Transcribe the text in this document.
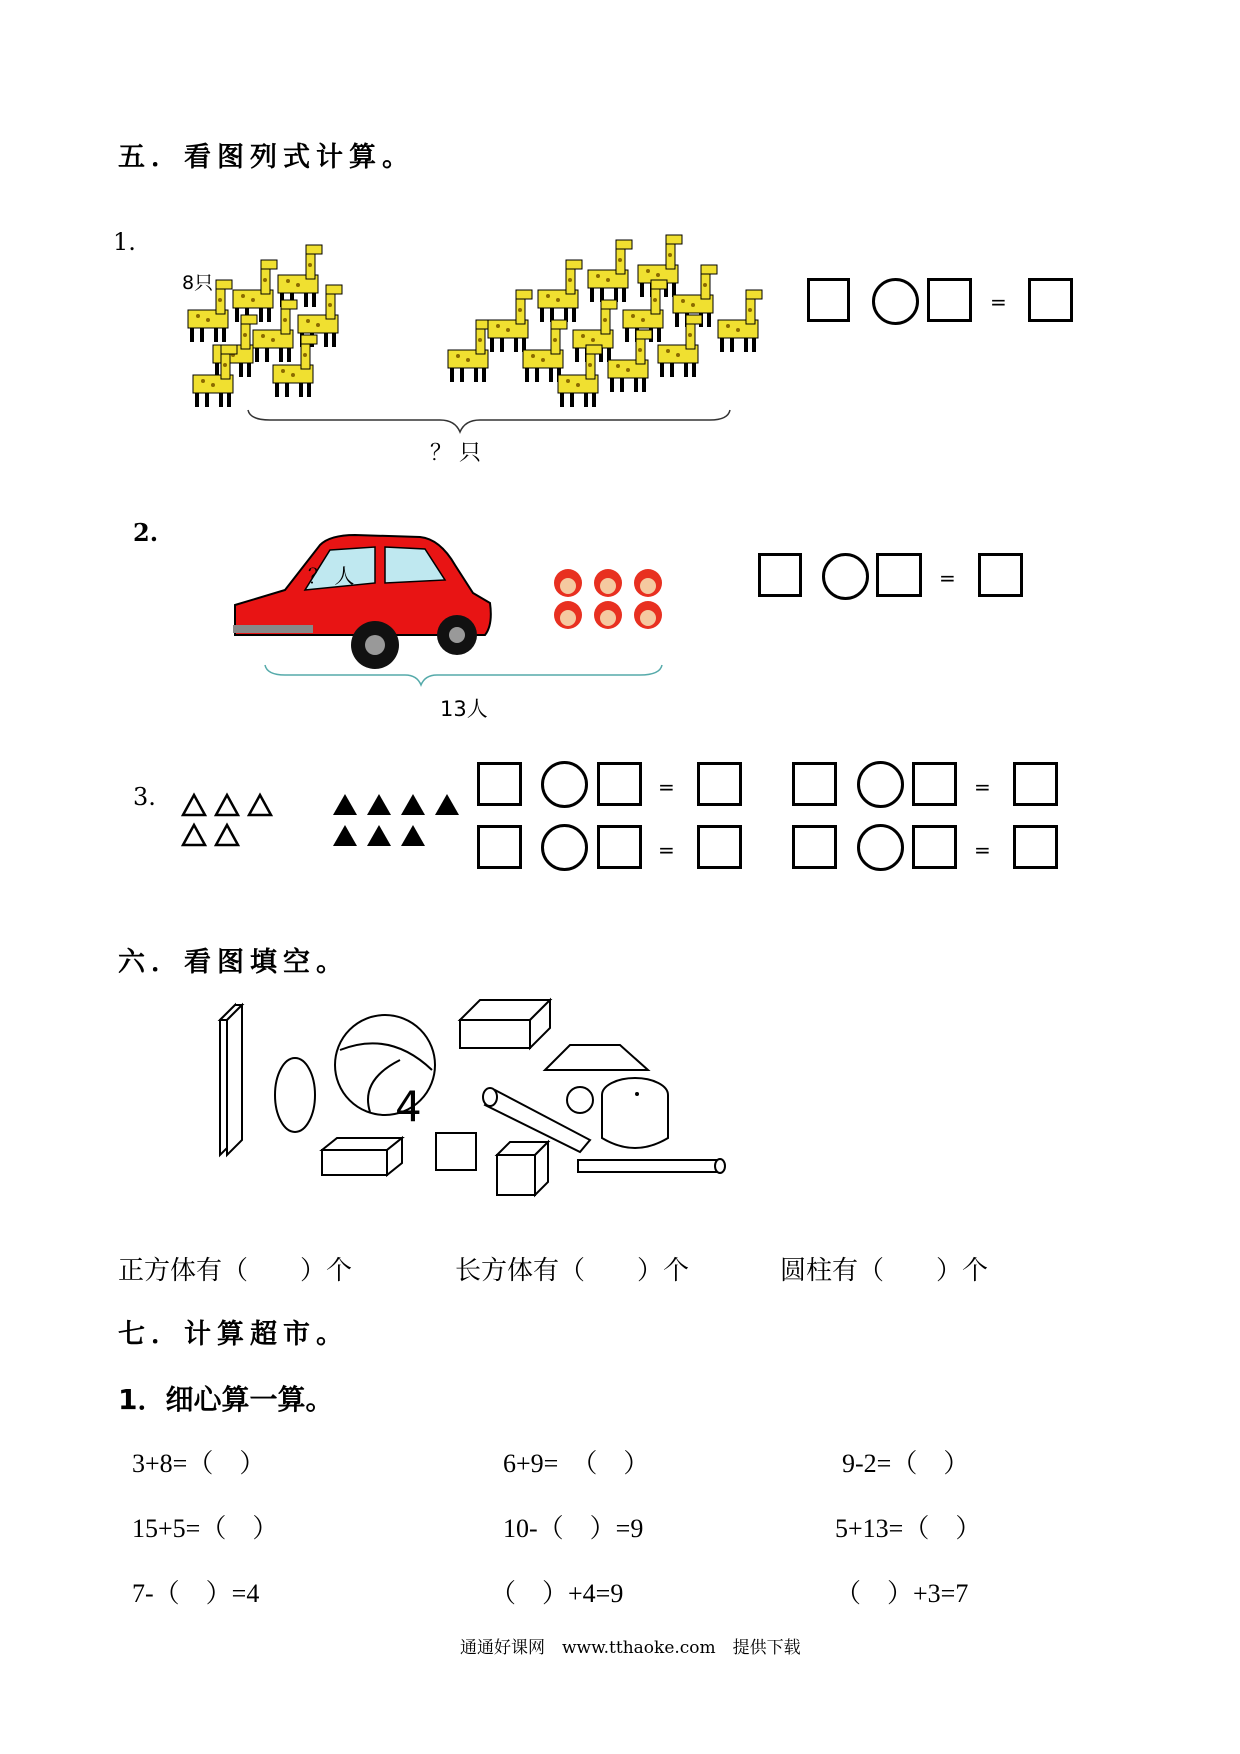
五．看图列式计算。
1.
8只
？ 只
=
2.
？ 人
13人
=
3.	=	=
=	=
六．看图填空。
4
正方体有（　　）个	长方体有（　　）个	圆柱有（　　）个
七．计算超市。
1．细心算一算。
3+8=（　）	6+9=　（　）	9-2=（　）
15+5=（　）	10-（　）=9	5+13=（　）
7-（　）=4	（　）+4=9	（　）+3=7
通通好课网　www.tthaoke.com　提供下载
